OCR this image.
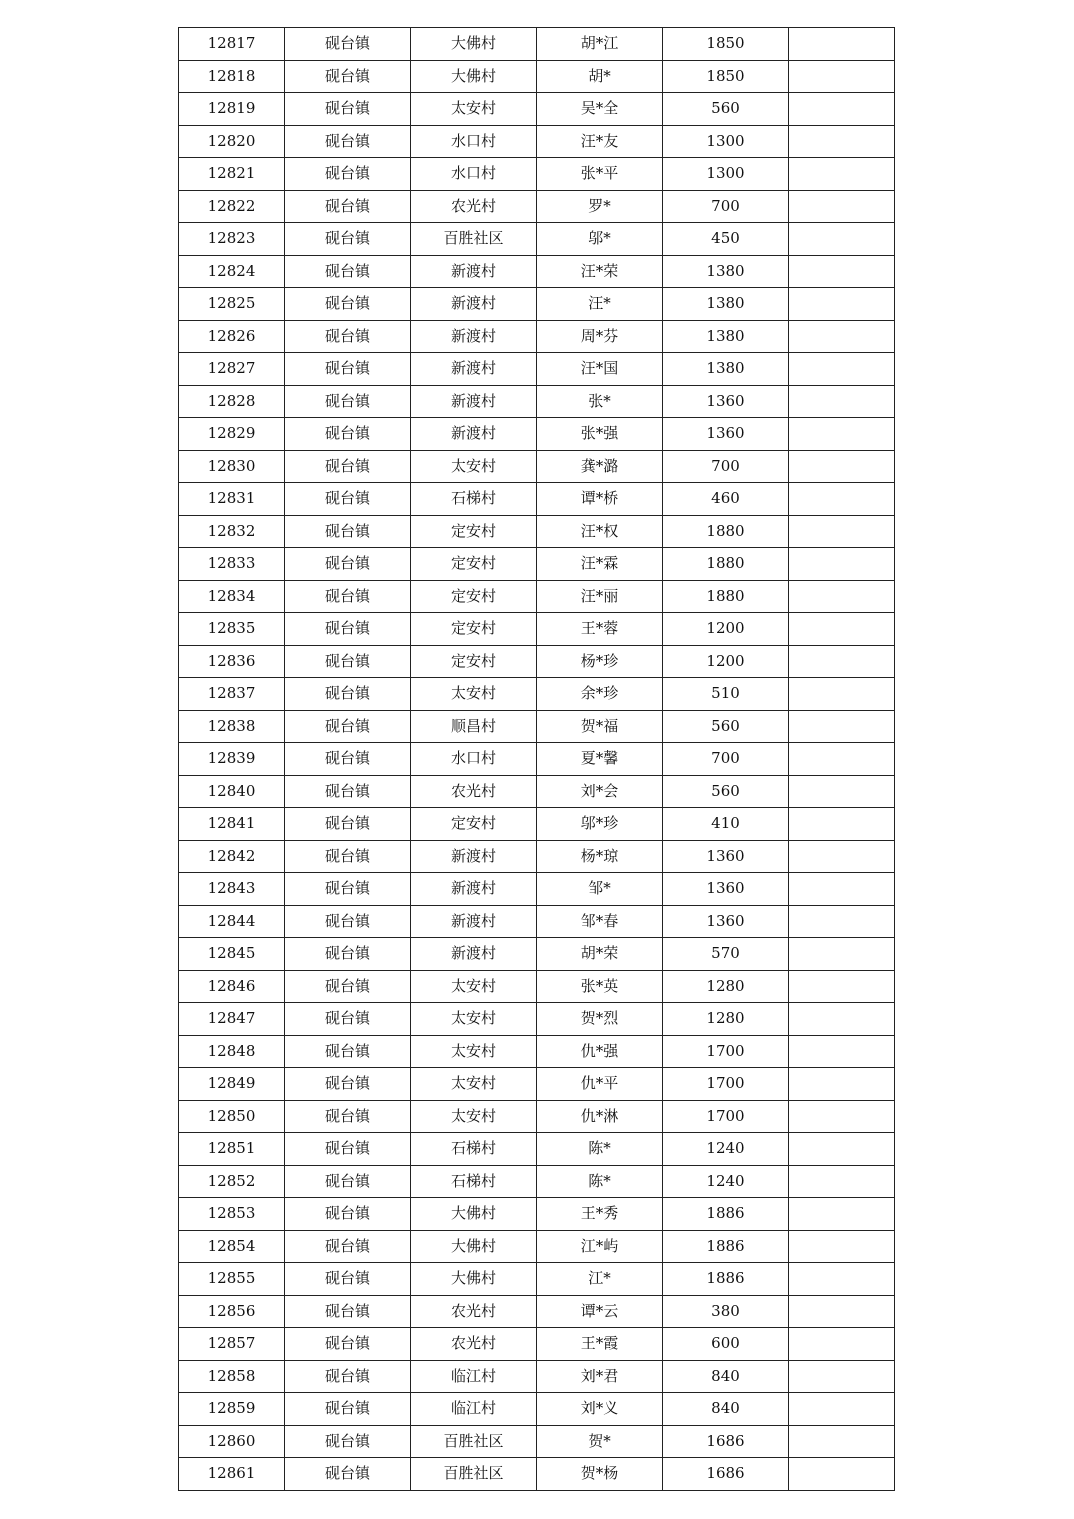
12817	砚台镇	大佛村	胡*江	1850	
12818	砚台镇	大佛村	胡*	1850	
12819	砚台镇	太安村	吴*全	560	
12820	砚台镇	水口村	汪*友	1300	
12821	砚台镇	水口村	张*平	1300	
12822	砚台镇	农光村	罗*	700	
12823	砚台镇	百胜社区	邬*	450	
12824	砚台镇	新渡村	汪*荣	1380	
12825	砚台镇	新渡村	汪*	1380	
12826	砚台镇	新渡村	周*芬	1380	
12827	砚台镇	新渡村	汪*国	1380	
12828	砚台镇	新渡村	张*	1360	
12829	砚台镇	新渡村	张*强	1360	
12830	砚台镇	太安村	龚*潞	700	
12831	砚台镇	石梯村	谭*桥	460	
12832	砚台镇	定安村	汪*权	1880	
12833	砚台镇	定安村	汪*霖	1880	
12834	砚台镇	定安村	汪*丽	1880	
12835	砚台镇	定安村	王*蓉	1200	
12836	砚台镇	定安村	杨*珍	1200	
12837	砚台镇	太安村	余*珍	510	
12838	砚台镇	顺昌村	贺*福	560	
12839	砚台镇	水口村	夏*馨	700	
12840	砚台镇	农光村	刘*会	560	
12841	砚台镇	定安村	邬*珍	410	
12842	砚台镇	新渡村	杨*琼	1360	
12843	砚台镇	新渡村	邹*	1360	
12844	砚台镇	新渡村	邹*春	1360	
12845	砚台镇	新渡村	胡*荣	570	
12846	砚台镇	太安村	张*英	1280	
12847	砚台镇	太安村	贺*烈	1280	
12848	砚台镇	太安村	仇*强	1700	
12849	砚台镇	太安村	仇*平	1700	
12850	砚台镇	太安村	仇*淋	1700	
12851	砚台镇	石梯村	陈*	1240	
12852	砚台镇	石梯村	陈*	1240	
12853	砚台镇	大佛村	王*秀	1886	
12854	砚台镇	大佛村	江*屿	1886	
12855	砚台镇	大佛村	江*	1886	
12856	砚台镇	农光村	谭*云	380	
12857	砚台镇	农光村	王*霞	600	
12858	砚台镇	临江村	刘*君	840	
12859	砚台镇	临江村	刘*义	840	
12860	砚台镇	百胜社区	贺*	1686	
12861	砚台镇	百胜社区	贺*杨	1686	
